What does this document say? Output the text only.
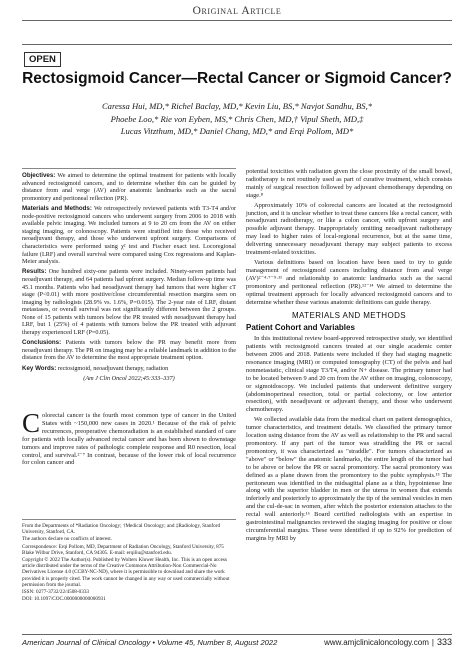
Original Article
OPEN
Rectosigmoid Cancer—Rectal Cancer or Sigmoid Cancer?
Caressa Hui, MD,* Richel Baclay, MD,* Kevin Liu, BS,* Navjot Sandhu, BS,*
Phoebe Loo,* Rie von Eyben, MS,* Chris Chen, MD,† Vipul Sheth, MD,‡
Lucas Vitzthum, MD,* Daniel Chang, MD,* and Erqi Pollom, MD*

Objectives: We aimed to determine the optimal treatment for patients with locally advanced rectosigmoid cancers, and to determine whether this can be guided by distance from anal verge (AV) and/or anatomic landmarks such as the sacral promontory and peritoneal reflection (PR).

Materials and Methods: We retrospectively reviewed patients with T3-T4 and/or node-positive rectosigmoid cancers who underwent surgery from 2006 to 2018 with available pelvic imaging. We included tumors at 9 to 20 cm from the AV on either staging imaging, or colonoscopy. Patients were stratified into those who received neoadjuvant therapy, and those who underwent upfront surgery. Comparisons of characteristics were performed using χ² test and Fischer exact test. Locoregional failure (LRF) and overall survival were compared using Cox regressions and Kaplan-Meier analysis.

Results: One hundred sixty-one patients were included. Ninety-seven patients had neoadjuvant therapy, and 64 patients had upfront surgery. Median follow-up time was 45.1 months. Patients who had neoadjuvant therapy had tumors that were higher cT stage (P<0.01) with more positive/close circumferential resection margins seen on imaging by radiologists (28.9% vs. 1.6%, P=0.015). The 2-year rate of LRF, distant metastases, or overall survival was not significantly different between the 2 groups. None of 15 patients with tumors below the PR treated with neoadjuvant therapy had LRF, but 1 (25%) of 4 patients with tumors below the PR treated with adjuvant therapy experienced LRF (P=0.05).

Conclusions: Patients with tumors below the PR may benefit more from neoadjuvant therapy. The PR on imaging may be a reliable landmark in addition to the distance from the AV to determine the most appropriate treatment option.

Key Words: rectosigmoid, neoadjuvant therapy, radiation

(Am J Clin Oncol 2022;45:333–337)

C olorectal cancer is the fourth most common type of cancer in the United States with ~150,000 new cases in 2020.¹ Because of the risk of pelvic recurrences, preoperative chemoradiation is an established standard of care for patients with locally advanced rectal cancer and has been shown to downstage tumors and improve rates of pathologic complete response and R0 resection, local control, and survival.²⁻⁷ In contrast, because of the lower risk of local recurrence for colon cancer and
From the Departments of *Radiation Oncology; †Medical Oncology; and ‡Radiology, Stanford University, Stanford, CA.
The authors declare no conflicts of interest.
Correspondence: Erqi Pollom, MD, Department of Radiation Oncology, Stanford University, 875 Blake Wilbur Drive, Stanford, CA 94305. E-mail: erqiliu@stanford.edu.
Copyright © 2022 The Author(s). Published by Wolters Kluwer Health, Inc. This is an open access article distributed under the terms of the Creative Commons Attribution-Non Commercial-No Derivatives License 4.0 (CCBY-NC-ND), where it is permissible to download and share the work provided it is properly cited. The work cannot be changed in any way or used commercially without permission from the journal.
ISSN: 0277-3732/22/4508-0333
DOI: 10.1097/COC.0000000000000931

potential toxicities with radiation given the close proximity of the small bowel, radiotherapy is not routinely used as part of curative treatment, which consists mainly of surgical resection followed by adjuvant chemotherapy depending on stage.⁸

Approximately 10% of colorectal cancers are located at the rectosigmoid junction, and it is unclear whether to treat these cancers like a rectal cancer, with neoadjuvant radiotherapy, or like a colon cancer, with upfront surgery and possible adjuvant therapy. Inappropriately omitting neoadjuvant radiotherapy may lead to higher rates of local-regional recurrence, but at the same time, delivering unnecessary neoadjuvant therapy may subject patients to excess treatment-related toxicities.

Various definitions based on location have been used to try to guide management of rectosigmoid cancers including distance from anal verge (AV)²⁻⁴·⁷⁻⁹·¹¹ and relationship to anatomic landmarks such as the sacral promontory and peritoneal reflection (PR).¹²⁻¹⁴ We aimed to determine the optimal treatment approach for locally advanced rectosigmoid cancers and to determine whether these various anatomic definitions can guide therapy.

MATERIALS AND METHODS
Patient Cohort and Variables

In this institutional review board-approved retrospective study, we identified patients with rectosigmoid cancers treated at our single academic center between 2006 and 2018. Patients were included if they had staging magnetic resonance imaging (MRI) or computed tomography (CT) of the pelvis and had nonmetastatic, clinical stage T3/T4, and/or N+ disease. The primary tumor had to be located between 9 and 20 cm from the AV either on imaging, colonoscopy, or sigmoidoscopy. We included patients that underwent definitive surgery (abdominoperineal resection, total or partial colectomy, or low anterior resection), with neoadjuvant or adjuvant therapy, and those who underwent chemotherapy.

We collected available data from the medical chart on patient demographics, tumor characteristics, and treatment details. We classified the primary tumor location using distance from the AV as well as relationship to the PR and sacral promontory. If any part of the tumor was straddling the PR or sacral promontory, it was characterized as "straddle". For tumors characterized as "above" or "below" the anatomic landmarks, the entire length of the tumor had to be above or below the PR or sacral promontory. The sacral promontory was defined as a plane drawn from the promontory to the pubic symphysis.¹⁵ The peritoneum was identified in the midsagittal plane as a thin, hypointense line along with the superior bladder in men or the uterus in women that extends inferiorly and posteriorly to approximately the tip of the seminal vesicles in men and the cul-de-sac in women, after which the posterior extension attaches to the rectal wall anteriorly.¹⁶ Board certified radiologists with an expertise in gastrointestinal malignancies reviewed the staging imaging for positive or close circumferential margins. These were identified if up to 92% for prediction of margins by MRI by

American Journal of Clinical Oncology • Volume 45, Number 8, August 2022	www.amjclinicaloncology.com | 333
